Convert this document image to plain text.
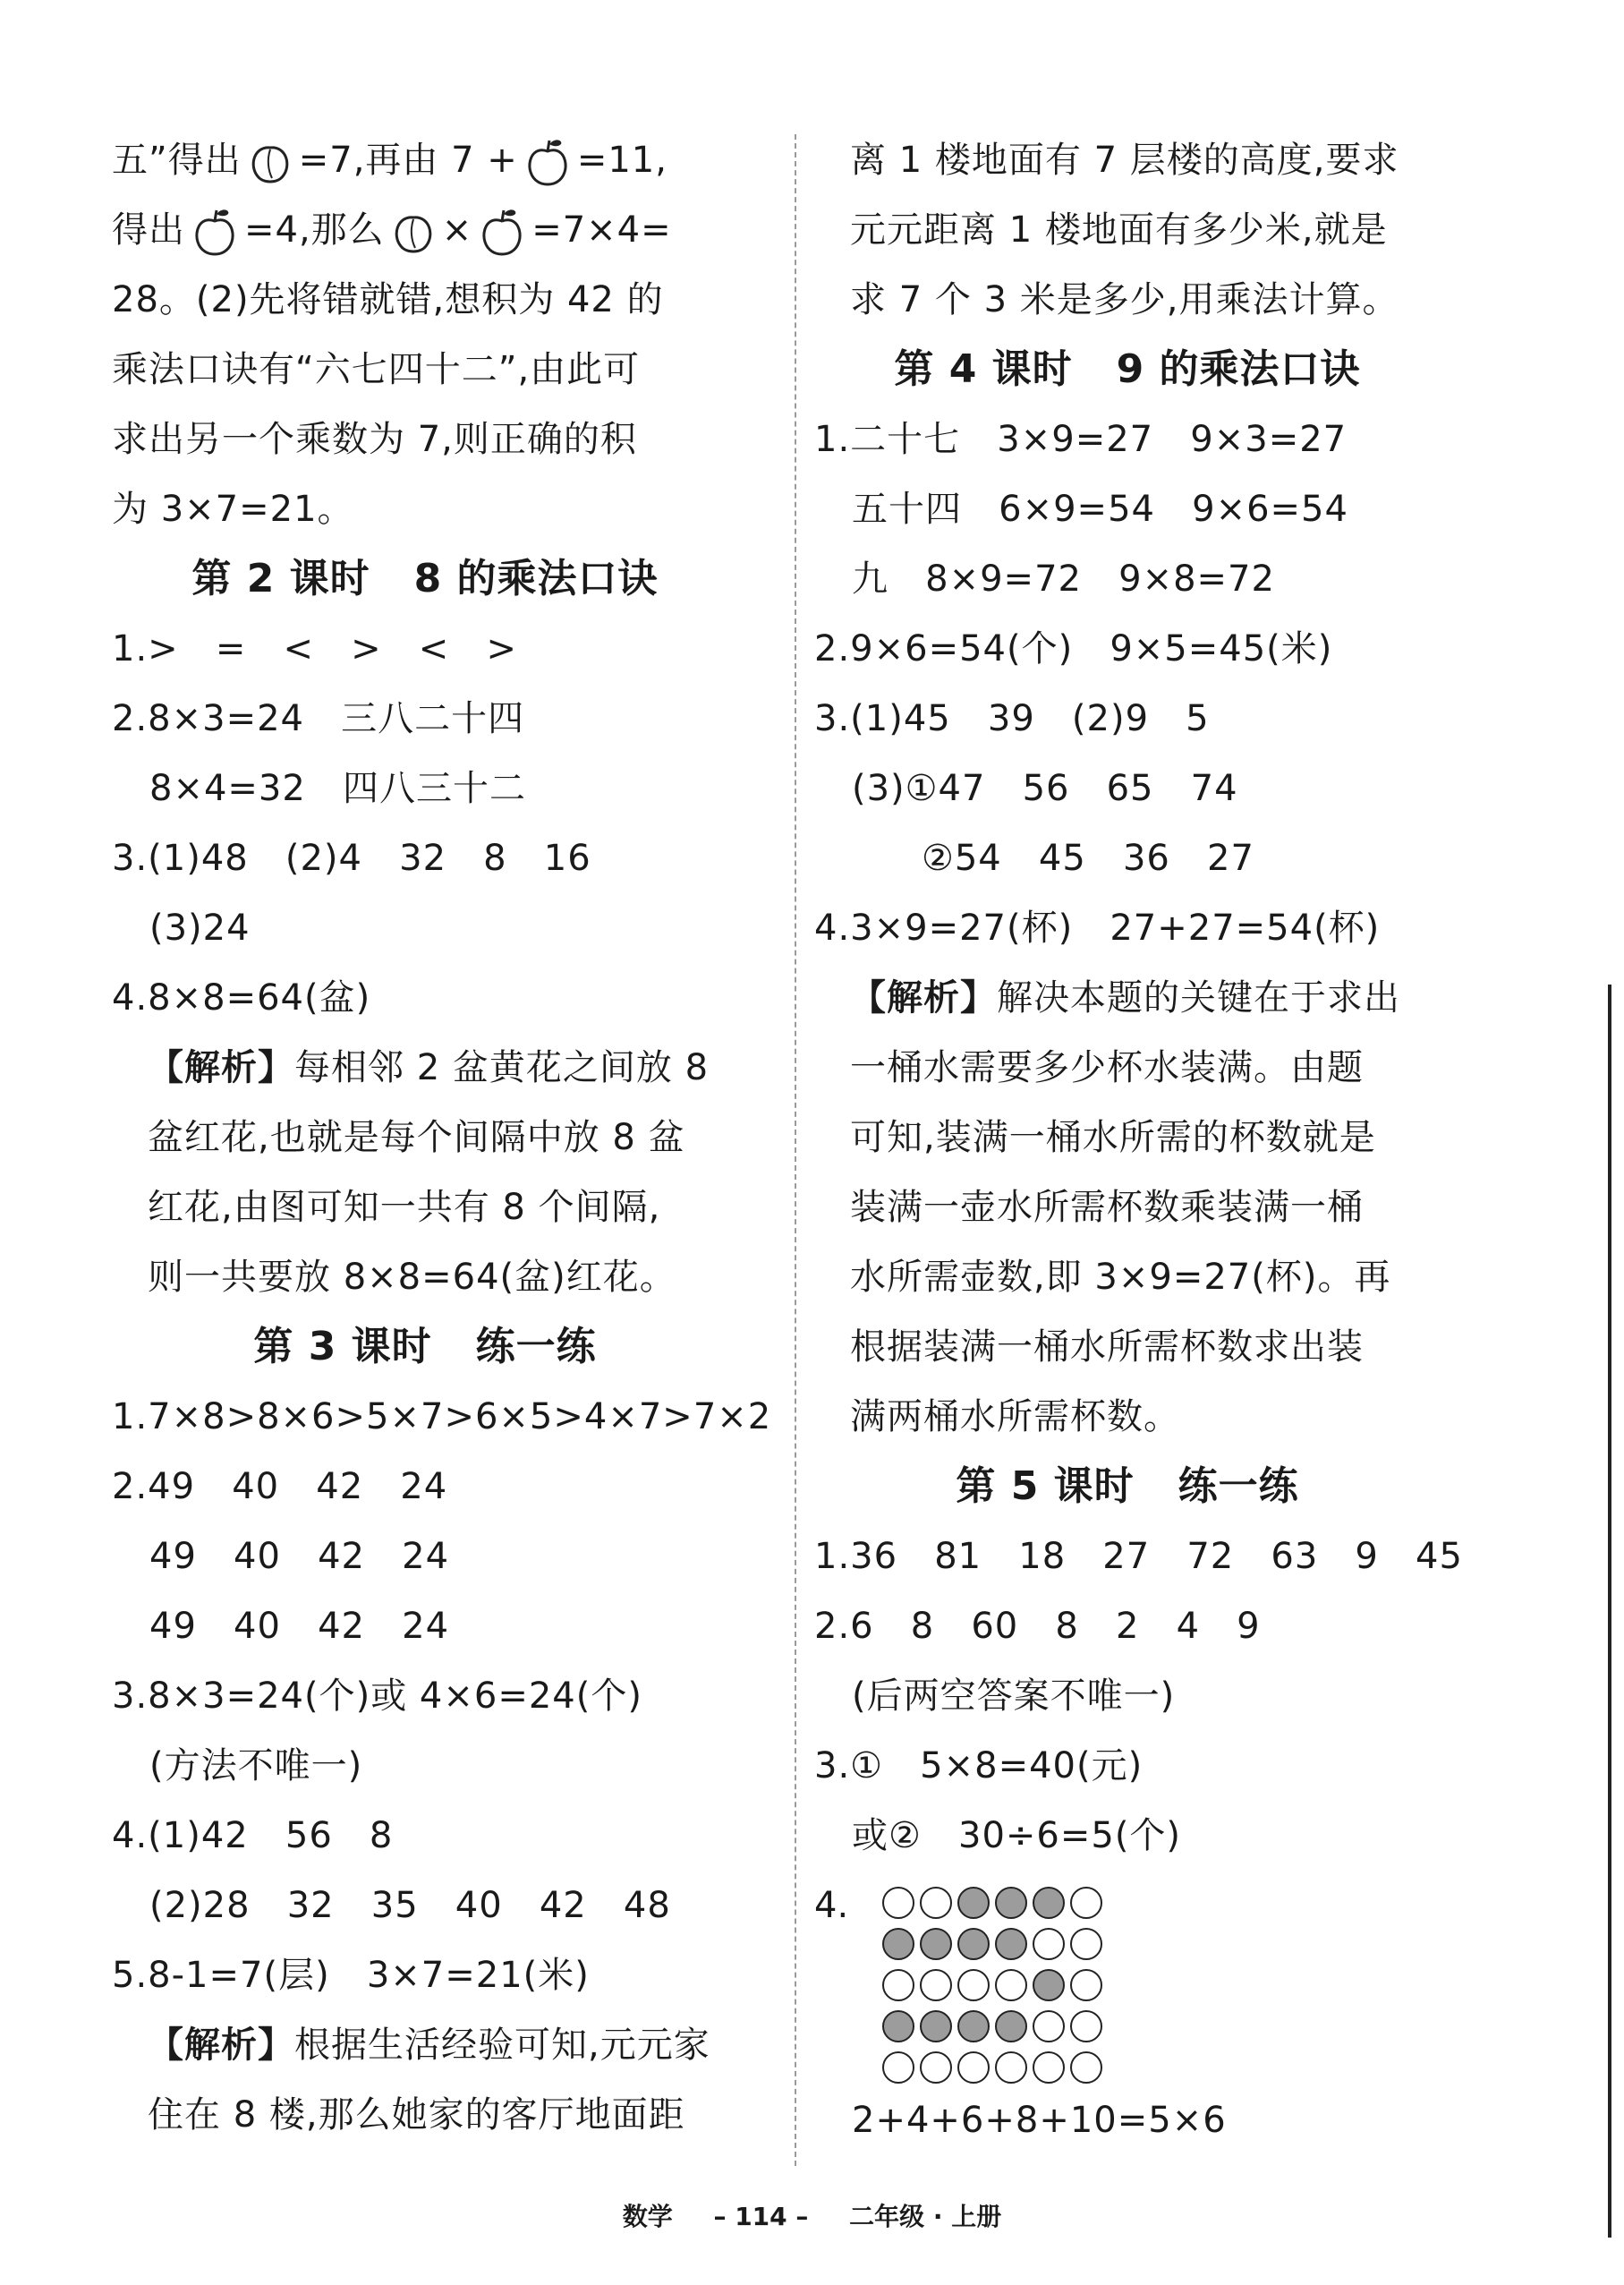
五”得出 =7,再由 7 + =11,
得出 =4,那么 × =7×4=
28。(2)先将错就错,想积为 42 的
乘法口诀有“六七四十二”,由此可
求出另一个乘数为 7,则正确的积
为 3×7=21。
第 2 课时   8 的乘法口诀
1.>   =   <   >   <   >
2.8×3=24   三八二十四
8×4=32   四八三十二
3.(1)48   (2)4   32   8   16
(3)24
4.8×8=64(盆)
【解析】每相邻 2 盆黄花之间放 8
盆红花,也就是每个间隔中放 8 盆
红花,由图可知一共有 8 个间隔,
则一共要放 8×8=64(盆)红花。
第 3 课时   练一练
1.7×8>8×6>5×7>6×5>4×7>7×2
2.49   40   42   24
49   40   42   24
49   40   42   24
3.8×3=24(个)或 4×6=24(个)
(方法不唯一)
4.(1)42   56   8
(2)28   32   35   40   42   48
5.8-1=7(层)   3×7=21(米)
【解析】根据生活经验可知,元元家
住在 8 楼,那么她家的客厅地面距
离 1 楼地面有 7 层楼的高度,要求
元元距离 1 楼地面有多少米,就是
求 7 个 3 米是多少,用乘法计算。
第 4 课时   9 的乘法口诀
1.二十七   3×9=27   9×3=27
五十四   6×9=54   9×6=54
九   8×9=72   9×8=72
2.9×6=54(个)   9×5=45(米)
3.(1)45   39   (2)9   5
(3)①47   56   65   74
②54   45   36   27
4.3×9=27(杯)   27+27=54(杯)
【解析】解决本题的关键在于求出
一桶水需要多少杯水装满。由题
可知,装满一桶水所需的杯数就是
装满一壶水所需杯数乘装满一桶
水所需壶数,即 3×9=27(杯)。再
根据装满一桶水所需杯数求出装
满两桶水所需杯数。
第 5 课时   练一练
1.36   81   18   27   72   63   9   45
2.6   8   60   8   2   4   9
(后两空答案不唯一)
3.①   5×8=40(元)
或②   30÷6=5(个)
4.
2+4+6+8+10=5×6
数学 – 114 – 二年级 · 上册
